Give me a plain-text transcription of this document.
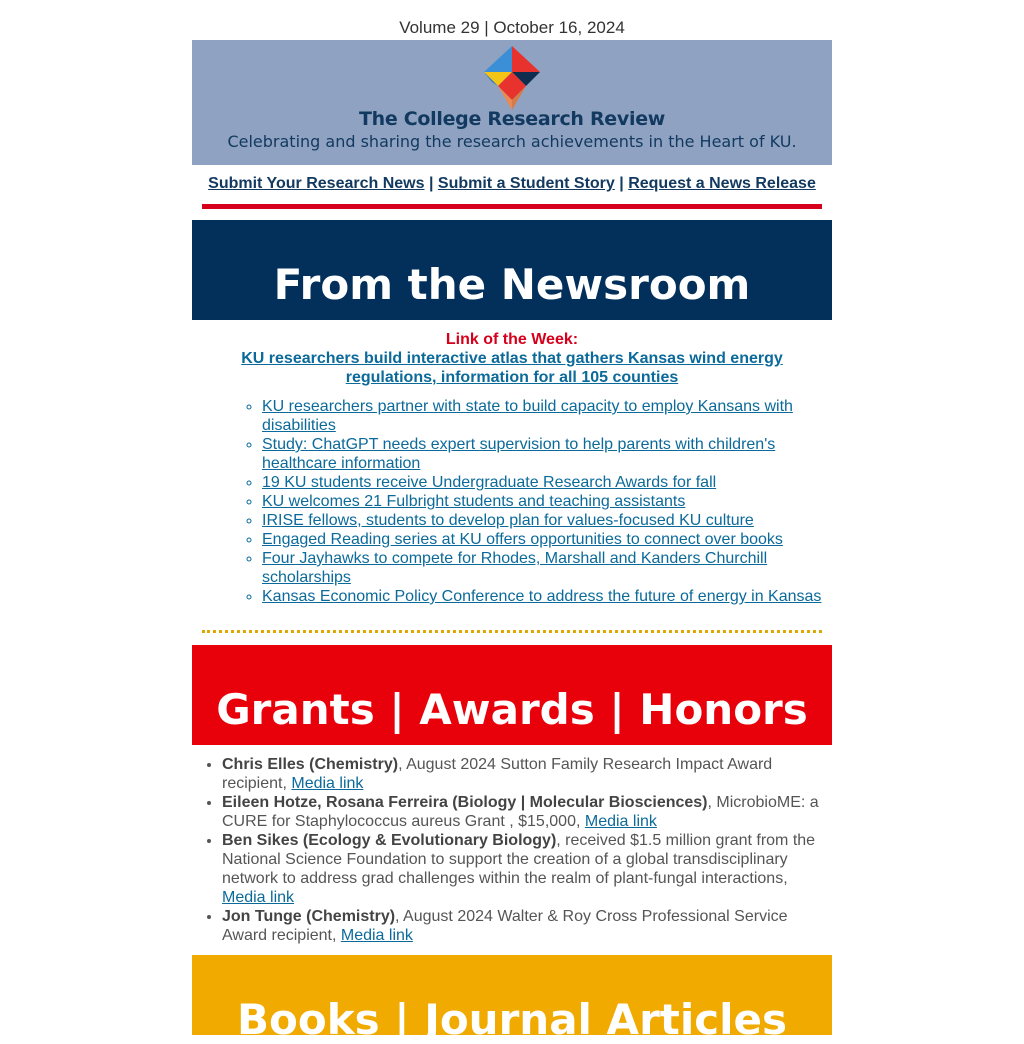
Volume 29 | October 16, 2024
The College Research Review
Celebrating and sharing the research achievements in the Heart of KU.
Submit Your Research News | Submit a Student Story | Request a News Release
From the Newsroom
Link of the Week:
KU researchers build interactive atlas that gathers Kansas wind energy regulations, information for all 105 counties
◦ KU researchers partner with state to build capacity to employ Kansans with disabilities
◦ Study: ChatGPT needs expert supervision to help parents with children's healthcare information
◦ 19 KU students receive Undergraduate Research Awards for fall
◦ KU welcomes 21 Fulbright students and teaching assistants
◦ IRISE fellows, students to develop plan for values-focused KU culture
◦ Engaged Reading series at KU offers opportunities to connect over books
◦ Four Jayhawks to compete for Rhodes, Marshall and Kanders Churchill scholarships
◦ Kansas Economic Policy Conference to address the future of energy in Kansas
Grants | Awards | Honors
• Chris Elles (Chemistry), August 2024 Sutton Family Research Impact Award recipient, Media link
• Eileen Hotze, Rosana Ferreira (Biology | Molecular Biosciences), MicrobioME: a CURE for Staphylococcus aureus Grant , $15,000, Media link
• Ben Sikes (Ecology & Evolutionary Biology), received $1.5 million grant from the National Science Foundation to support the creation of a global transdisciplinary network to address grad challenges within the realm of plant-fungal interactions, Media link
• Jon Tunge (Chemistry), August 2024 Walter & Roy Cross Professional Service Award recipient, Media link
Books | Journal Articles
